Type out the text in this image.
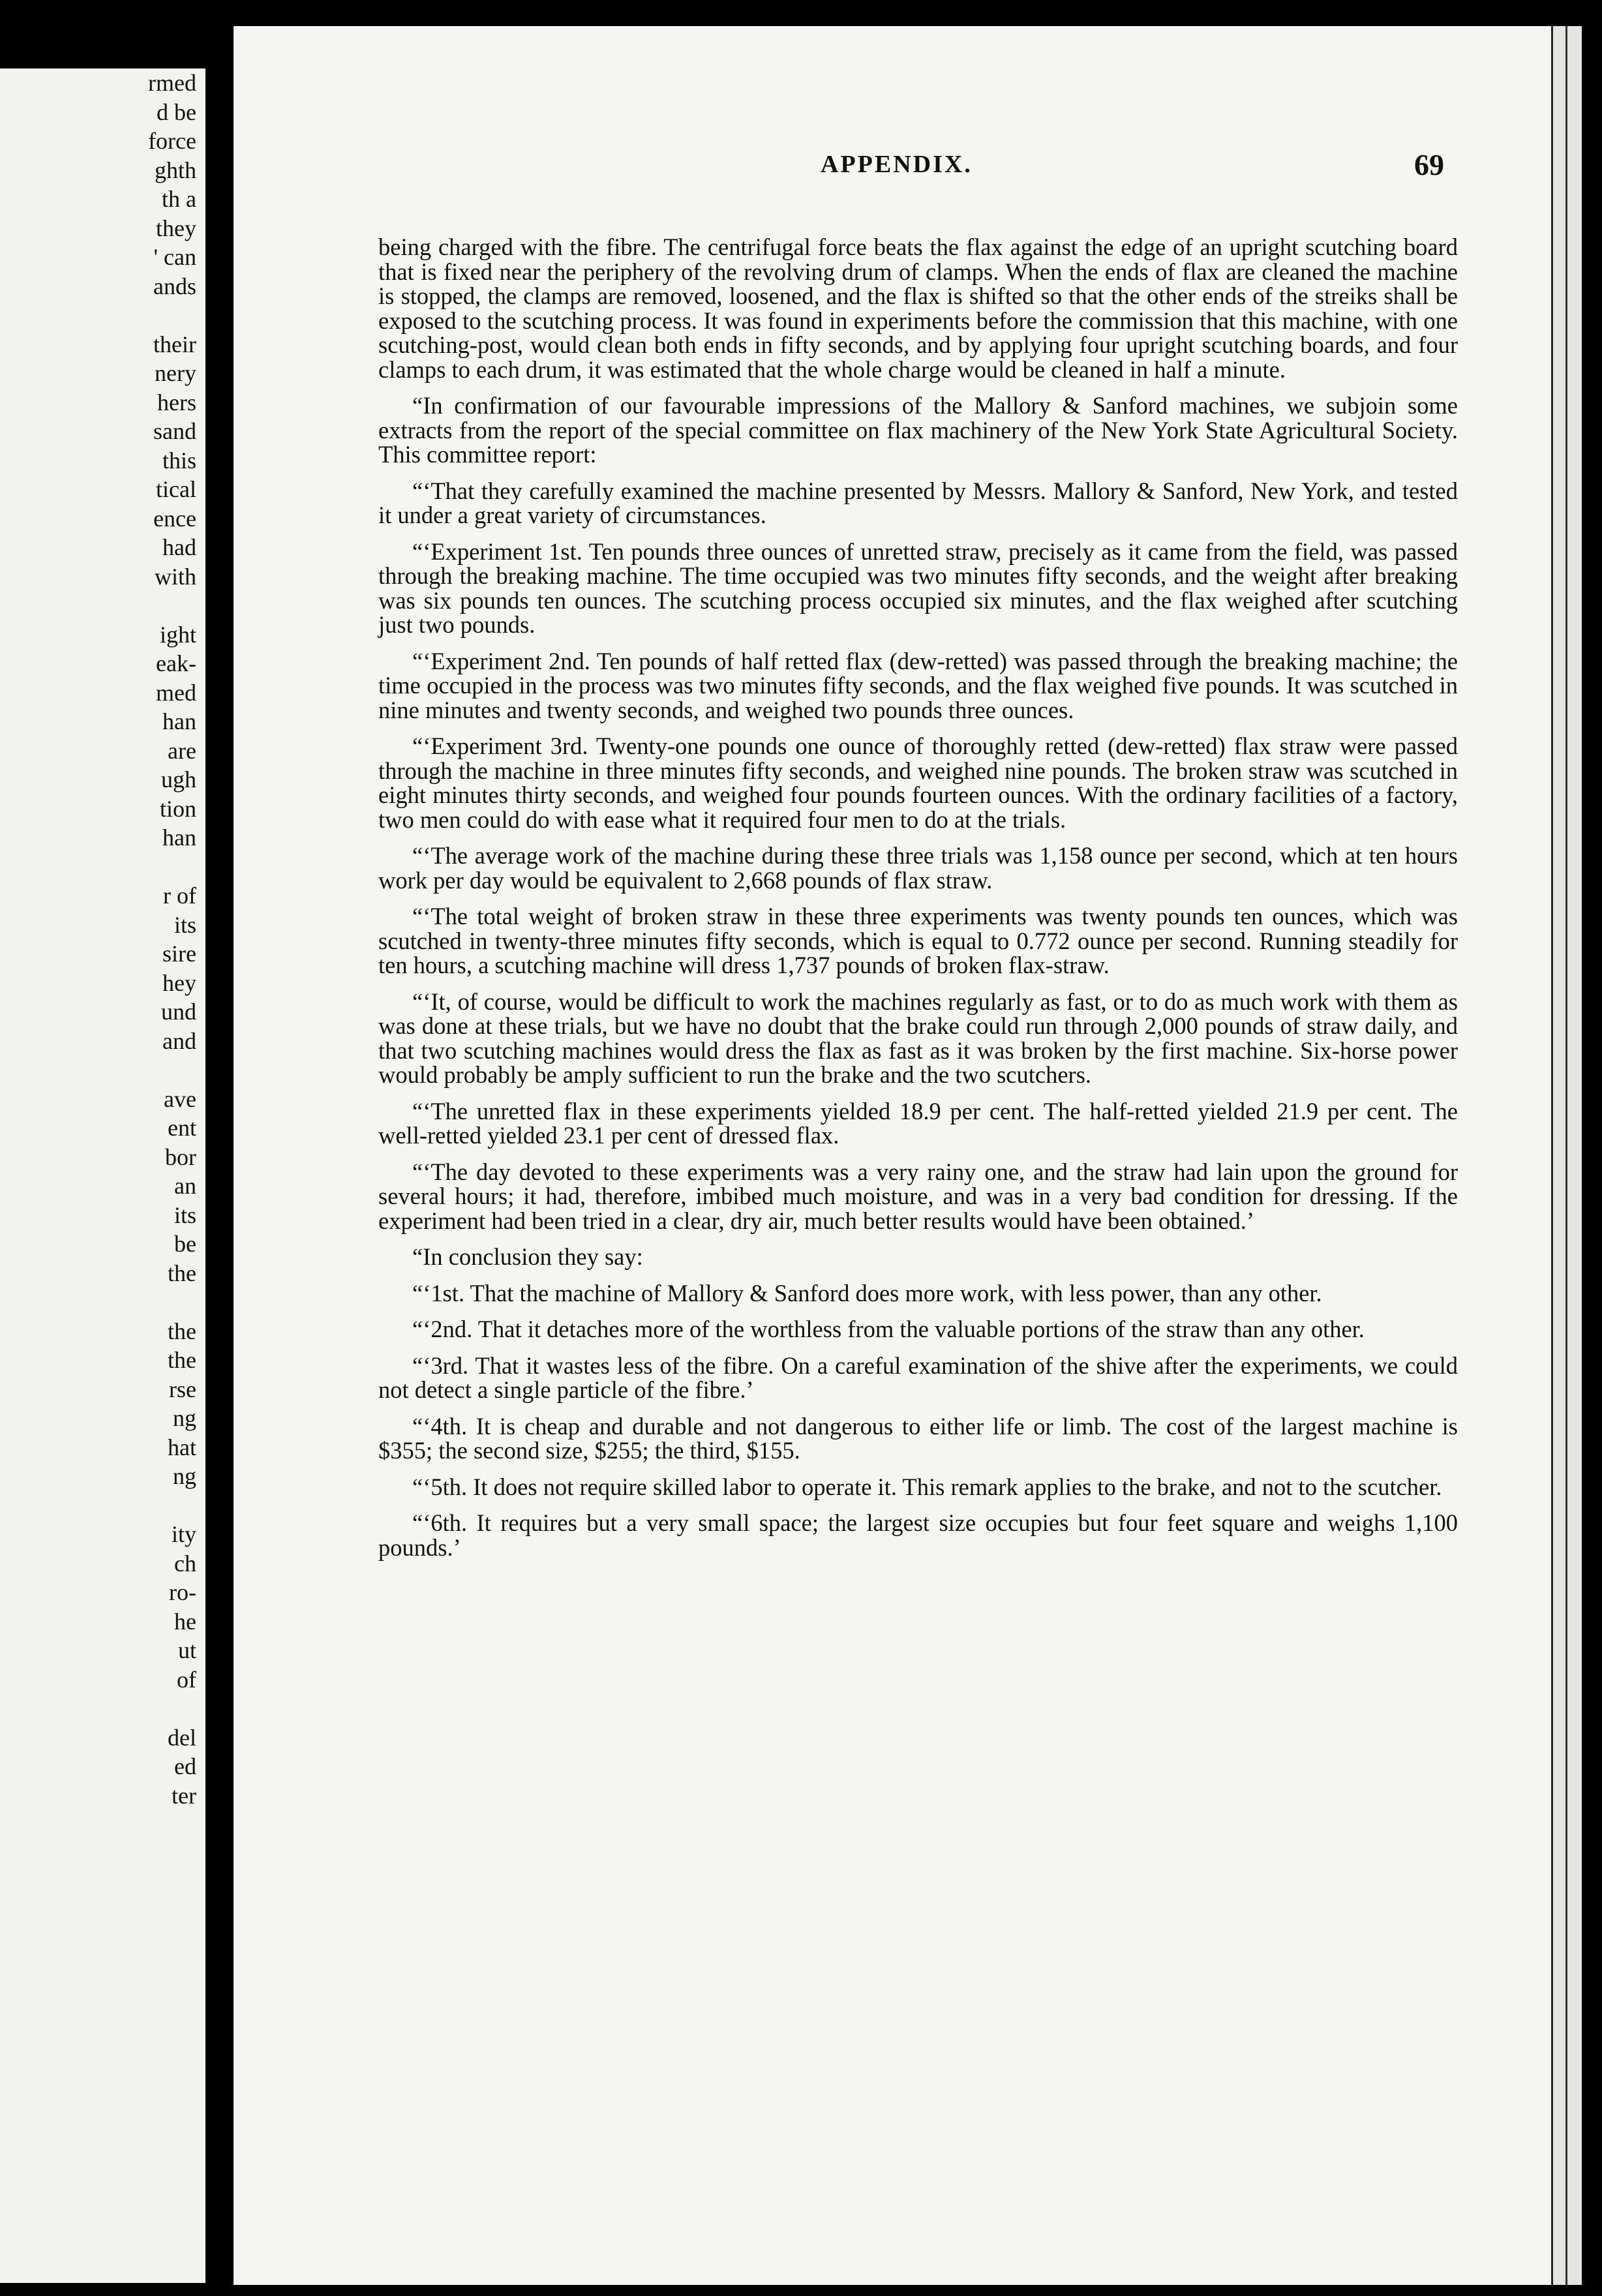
rmed
d be
force
ghth
th a
they
' can
ands
their
nery
hers
sand
this
tical
ence
had
with
ight
eak-
med
han
are
ugh
tion
han
r of
its
sire
hey
und
and
ave
ent
bor
an
its
be
the
the
the
rse
ng
hat
ng
ity
ch
ro-
he
ut
of
del
ed
ter
APPENDIX.	69

being charged with the fibre. The centrifugal force beats the flax against the edge of an upright scutching board that is fixed near the periphery of the revolving drum of clamps. When the ends of flax are cleaned the machine is stopped, the clamps are removed, loosened, and the flax is shifted so that the other ends of the streiks shall be exposed to the scutching process. It was found in experiments before the commission that this machine, with one scutching-post, would clean both ends in fifty seconds, and by applying four upright scutching boards, and four clamps to each drum, it was estimated that the whole charge would be cleaned in half a minute.

“In confirmation of our favourable impressions of the Mallory & Sanford machines, we subjoin some extracts from the report of the special committee on flax machinery of the New York State Agricultural Society. This committee report:

“‘That they carefully examined the machine presented by Messrs. Mallory & Sanford, New York, and tested it under a great variety of circumstances.

“‘Experiment 1st. Ten pounds three ounces of unretted straw, precisely as it came from the field, was passed through the breaking machine. The time occupied was two minutes fifty seconds, and the weight after breaking was six pounds ten ounces. The scutching process occupied six minutes, and the flax weighed after scutching just two pounds.

“‘Experiment 2nd. Ten pounds of half retted flax (dew-retted) was passed through the breaking machine; the time occupied in the process was two minutes fifty seconds, and the flax weighed five pounds. It was scutched in nine minutes and twenty seconds, and weighed two pounds three ounces.

“‘Experiment 3rd. Twenty-one pounds one ounce of thoroughly retted (dew-retted) flax straw were passed through the machine in three minutes fifty seconds, and weighed nine pounds. The broken straw was scutched in eight minutes thirty seconds, and weighed four pounds fourteen ounces. With the ordinary facilities of a factory, two men could do with ease what it required four men to do at the trials.

“‘The average work of the machine during these three trials was 1,158 ounce per second, which at ten hours work per day would be equivalent to 2,668 pounds of flax straw.

“‘The total weight of broken straw in these three experiments was twenty pounds ten ounces, which was scutched in twenty-three minutes fifty seconds, which is equal to 0.772 ounce per second. Running steadily for ten hours, a scutching machine will dress 1,737 pounds of broken flax-straw.

“‘It, of course, would be difficult to work the machines regularly as fast, or to do as much work with them as was done at these trials, but we have no doubt that the brake could run through 2,000 pounds of straw daily, and that two scutching machines would dress the flax as fast as it was broken by the first machine. Six-horse power would probably be amply sufficient to run the brake and the two scutchers.

“‘The unretted flax in these experiments yielded 18.9 per cent. The half-retted yielded 21.9 per cent. The well-retted yielded 23.1 per cent of dressed flax.

“‘The day devoted to these experiments was a very rainy one, and the straw had lain upon the ground for several hours; it had, therefore, imbibed much moisture, and was in a very bad condition for dressing. If the experiment had been tried in a clear, dry air, much better results would have been obtained.’

“In conclusion they say:

“‘1st. That the machine of Mallory & Sanford does more work, with less power, than any other.

“‘2nd. That it detaches more of the worthless from the valuable portions of the straw than any other.

“‘3rd. That it wastes less of the fibre. On a careful examination of the shive after the experiments, we could not detect a single particle of the fibre.’

“‘4th. It is cheap and durable and not dangerous to either life or limb. The cost of the largest machine is $355; the second size, $255; the third, $155.

“‘5th. It does not require skilled labor to operate it. This remark applies to the brake, and not to the scutcher.

“‘6th. It requires but a very small space; the largest size occupies but four feet square and weighs 1,100 pounds.’
